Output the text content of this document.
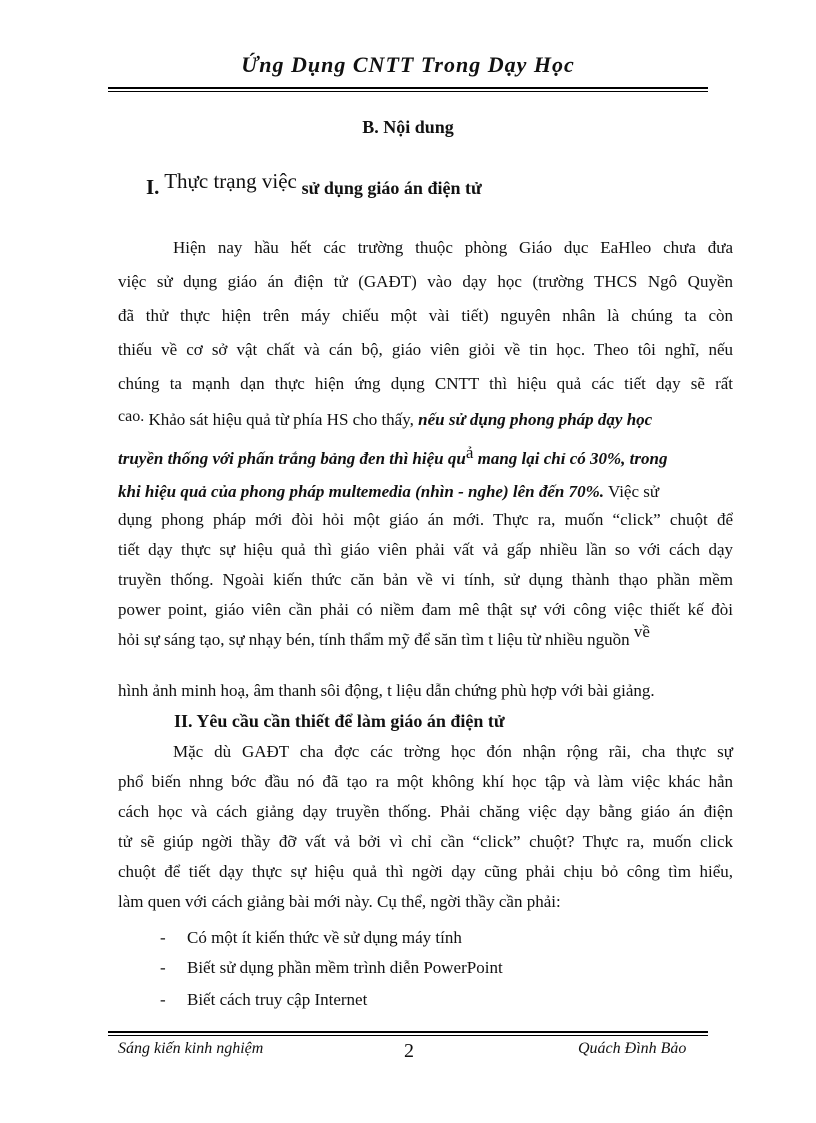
Ứng Dụng CNTT Trong Dạy Học
B. Nội dung
I. Thực trạng việc sử dụng giáo án điện tử
Hiện nay hầu hết các trường thuộc phòng Giáo dục EaHleo chưa đưa
việc sử dụng giáo án điện tử (GAĐT) vào dạy học (trường THCS Ngô Quyền
đã thử thực hiện trên máy chiếu một vài tiết) nguyên nhân là chúng ta còn
thiếu về cơ sở vật chất và cán bộ, giáo viên giỏi về tin học. Theo tôi nghĩ, nếu
chúng ta mạnh dạn thực hiện ứng dụng CNTT thì hiệu quả các tiết dạy sẽ rất
cao. Khảo sát hiệu quả từ phía HS cho thấy, nếu sử dụng phong pháp dạy học
truyền thống với phấn trắng bảng đen thì hiệu quả mang lại chỉ có 30%, trong
khi hiệu quả của phong pháp multemedia (nhìn - nghe) lên đến 70%. Việc sử
dụng phong pháp mới đòi hỏi một giáo án mới. Thực ra, muốn “click” chuột để
tiết dạy thực sự hiệu quả thì giáo viên phải vất vả gấp nhiều lần so với cách dạy
truyền thống. Ngoài kiến thức căn bản về vi tính, sử dụng thành thạo phần mềm
power point, giáo viên cần phải có niềm đam mê thật sự với công việc thiết kế đòi
hỏi sự sáng tạo, sự nhạy bén, tính thẩm mỹ để săn tìm t liệu từ nhiều nguồn về
hình ảnh minh hoạ, âm thanh sôi động, t liệu dẫn chứng phù hợp với bài giảng.
II. Yêu cầu cần thiết để làm giáo án điện tử
Mặc dù GAĐT cha đợc các trờng học đón nhận rộng rãi, cha thực sự
phổ biến nhng bớc đầu nó đã tạo ra một không khí học tập và làm việc khác hẳn
cách học và cách giảng dạy truyền thống. Phải chăng việc dạy bằng giáo án điện
tử sẽ giúp ngời thầy đỡ vất vả bởi vì chỉ cần “click” chuột? Thực ra, muốn click
chuột để tiết dạy thực sự hiệu quả thì ngời dạy cũng phải chịu bỏ công tìm hiểu,
làm quen với cách giảng bài mới này. Cụ thể, ngời thầy cần phải:
- Có một ít kiến thức về sử dụng máy tính
- Biết sử dụng phần mềm trình diễn PowerPoint
- Biết cách truy cập Internet
Sáng kiến kinh nghiệm	2	Quách Đình Bảo
